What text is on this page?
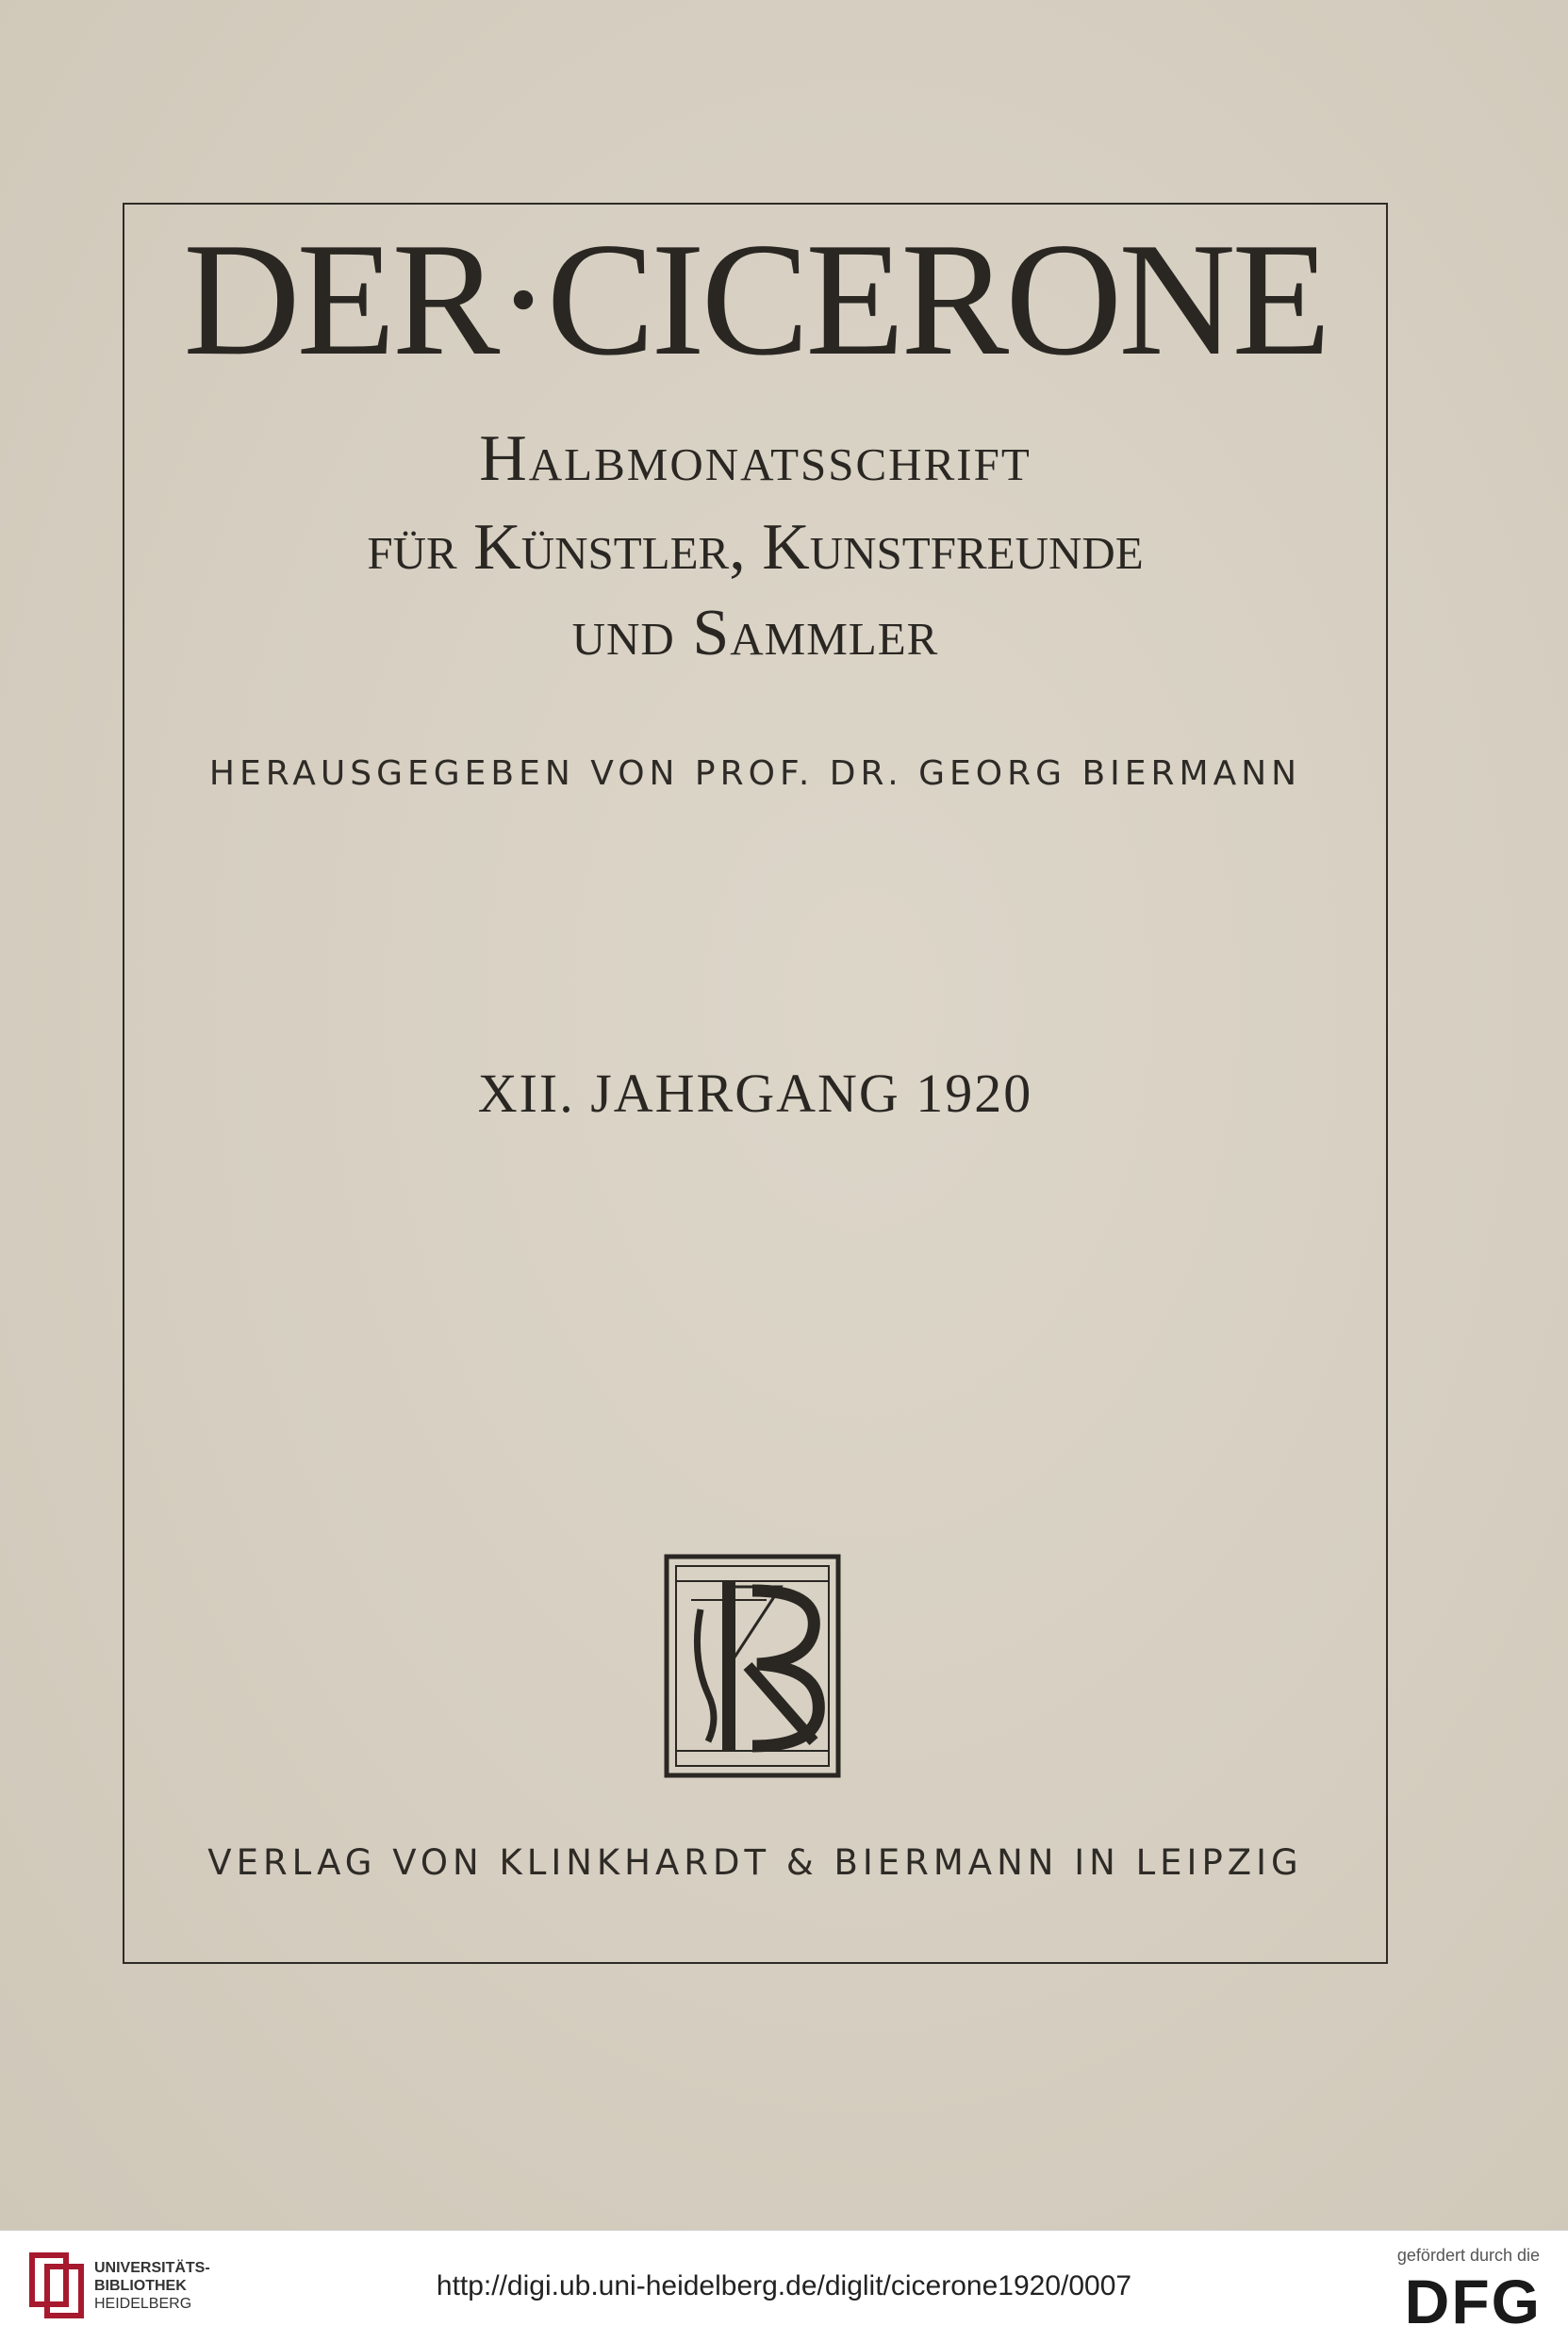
DER·CICERONE
Halbmonatsschrift
für Künstler, Kunstfreunde
und Sammler
HERAUSGEGEBEN VON PROF. DR. GEORG BIERMANN
XII. JAHRGANG 1920
VERLAG VON KLINKHARDT & BIERMANN IN LEIPZIG
UNIVERSITÄTS-
BIBLIOTHEK
HEIDELBERG
http://digi.ub.uni-heidelberg.de/diglit/cicerone1920/0007
gefördert durch die
DFG
